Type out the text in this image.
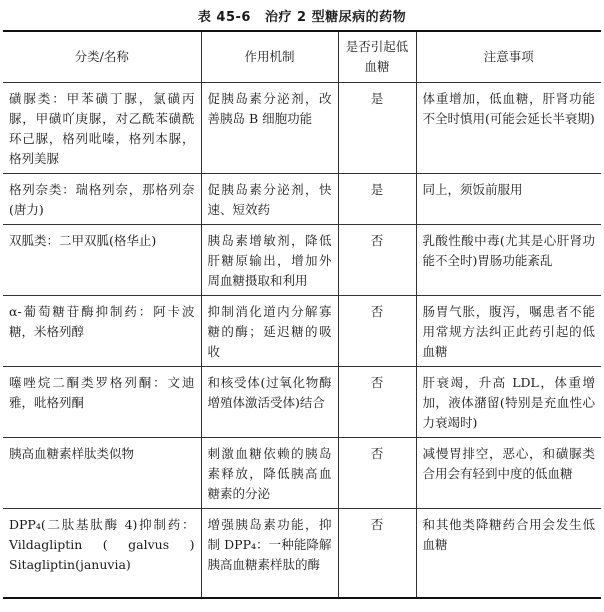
表 45-6 治疗 2 型糖尿病的药物
分类/名称	作用机制	是否引起低血糖	注意事项

磺脲类：甲苯磺丁脲，氯磺丙脲，甲磺吖庚脲，对乙酰苯磺酰环己脲，格列吡嗪，格列本脲，格列美脲	促胰岛素分泌剂，改善胰岛 B 细胞功能	是	体重增加，低血糖，肝肾功能不全时慎用(可能会延长半衰期)

格列奈类：瑞格列奈，那格列奈(唐力)	促胰岛素分泌剂，快速、短效药	是	同上，须饭前服用

双胍类：二甲双胍(格华止)	胰岛素增敏剂，降低肝糖原输出，增加外周血糖摄取和利用	否	乳酸性酸中毒(尤其是心肝肾功能不全时)胃肠功能紊乱

α-葡萄糖苷酶抑制药：阿卡波糖，米格列醇	抑制消化道内分解寡糖的酶；延迟糖的吸收	否	肠胃气胀，腹泻，嘱患者不能用常规方法纠正此药引起的低血糖

噻唑烷二酮类罗格列酮：文迪雅，吡格列酮	和核受体(过氧化物酶增殖体激活受体)结合	否	肝衰竭，升高 LDL，体重增加，液体潴留(特别是充血性心力衰竭时)

胰高血糖素样肽类似物	刺激血糖依赖的胰岛素释放，降低胰高血糖素的分泌	否	减慢胃排空，恶心，和磺脲类合用会有轻到中度的低血糖

DPP₄(二肽基肽酶 4)抑制药：Vildagliptin ( galvus ) Sitagliptin(januvia)	增强胰岛素功能，抑制 DPP₄：一种能降解胰高血糖素样肽的酶	否	和其他类降糖药合用会发生低血糖
